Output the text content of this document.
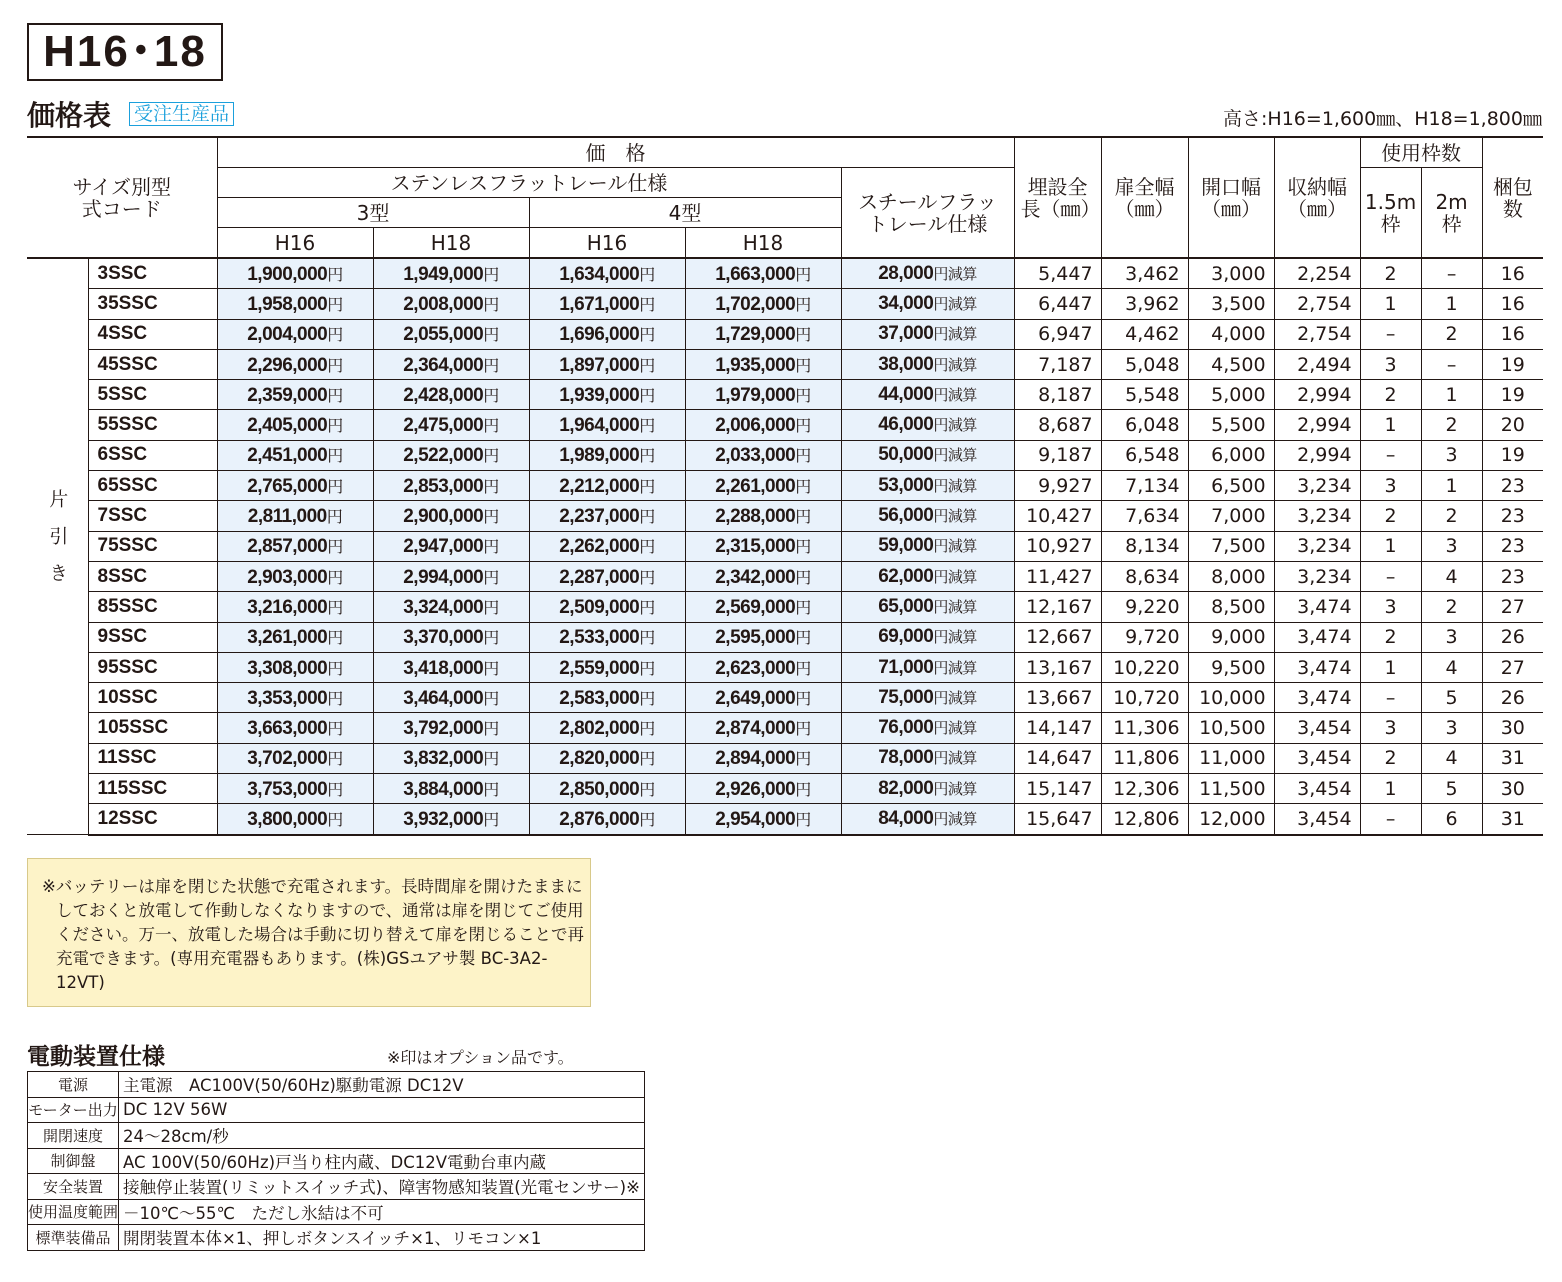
H16･18
価格表 受注生産品	高さ:H16=1,600㎜、H18=1,800㎜
サイズ別型式コード		価　格					埋設全長（㎜）	扉全幅（㎜）	開口幅（㎜）	収納幅（㎜）	使用枠数		梱包数
		ステンレスフラットレール仕様				スチールフラットレール仕様					1.5m枠	2m枠	
		3型		4型									
		H16	H18	H16	H18								
片引き	3SSC	1,900,000円	1,949,000円	1,634,000円	1,663,000円	28,000円減算	5,447	3,462	3,000	2,254	2	–	16
	35SSC	1,958,000円	2,008,000円	1,671,000円	1,702,000円	34,000円減算	6,447	3,962	3,500	2,754	1	1	16
	4SSC	2,004,000円	2,055,000円	1,696,000円	1,729,000円	37,000円減算	6,947	4,462	4,000	2,754	–	2	16
	45SSC	2,296,000円	2,364,000円	1,897,000円	1,935,000円	38,000円減算	7,187	5,048	4,500	2,494	3	–	19
	5SSC	2,359,000円	2,428,000円	1,939,000円	1,979,000円	44,000円減算	8,187	5,548	5,000	2,994	2	1	19
	55SSC	2,405,000円	2,475,000円	1,964,000円	2,006,000円	46,000円減算	8,687	6,048	5,500	2,994	1	2	20
	6SSC	2,451,000円	2,522,000円	1,989,000円	2,033,000円	50,000円減算	9,187	6,548	6,000	2,994	–	3	19
	65SSC	2,765,000円	2,853,000円	2,212,000円	2,261,000円	53,000円減算	9,927	7,134	6,500	3,234	3	1	23
	7SSC	2,811,000円	2,900,000円	2,237,000円	2,288,000円	56,000円減算	10,427	7,634	7,000	3,234	2	2	23
	75SSC	2,857,000円	2,947,000円	2,262,000円	2,315,000円	59,000円減算	10,927	8,134	7,500	3,234	1	3	23
	8SSC	2,903,000円	2,994,000円	2,287,000円	2,342,000円	62,000円減算	11,427	8,634	8,000	3,234	–	4	23
	85SSC	3,216,000円	3,324,000円	2,509,000円	2,569,000円	65,000円減算	12,167	9,220	8,500	3,474	3	2	27
	9SSC	3,261,000円	3,370,000円	2,533,000円	2,595,000円	69,000円減算	12,667	9,720	9,000	3,474	2	3	26
	95SSC	3,308,000円	3,418,000円	2,559,000円	2,623,000円	71,000円減算	13,167	10,220	9,500	3,474	1	4	27
	10SSC	3,353,000円	3,464,000円	2,583,000円	2,649,000円	75,000円減算	13,667	10,720	10,000	3,474	–	5	26
	105SSC	3,663,000円	3,792,000円	2,802,000円	2,874,000円	76,000円減算	14,147	11,306	10,500	3,454	3	3	30
	11SSC	3,702,000円	3,832,000円	2,820,000円	2,894,000円	78,000円減算	14,647	11,806	11,000	3,454	2	4	31
	115SSC	3,753,000円	3,884,000円	2,850,000円	2,926,000円	82,000円減算	15,147	12,306	11,500	3,454	1	5	30
	12SSC	3,800,000円	3,932,000円	2,876,000円	2,954,000円	84,000円減算	15,647	12,806	12,000	3,454	–	6	31
※バッテリーは扉を閉じた状態で充電されます。長時間扉を開けたままにしておくと放電して作動しなくなりますので、通常は扉を閉じてご使用ください。万一、放電した場合は手動に切り替えて扉を閉じることで再充電できます。(専用充電器もあります。(株)GSユアサ製 BC-3A2-12VT)
電動装置仕様	※印はオプション品です。
電源	主電源　AC100V(50/60Hz)駆動電源 DC12V
モーター出力	DC 12V 56W
開閉速度	24～28cm/秒
制御盤	AC 100V(50/60Hz)戸当り柱内蔵、DC12V電動台車内蔵
安全装置	接触停止装置(リミットスイッチ式)、障害物感知装置(光電センサー)※
使用温度範囲	－10℃～55℃　ただし氷結は不可
標準装備品	開閉装置本体×1、押しボタンスイッチ×1、リモコン×1
